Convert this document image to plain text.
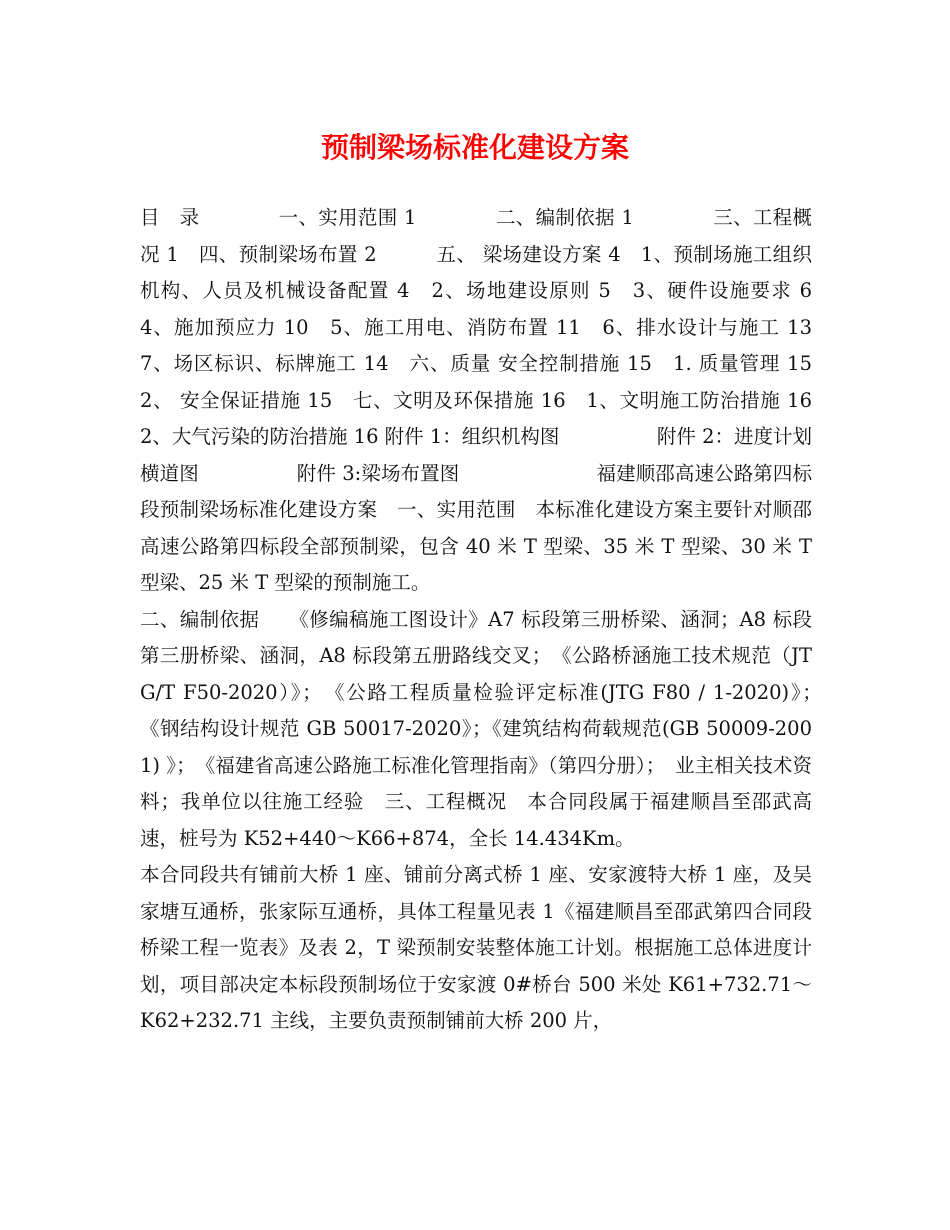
预制梁场标准化建设方案

目　录　　　　一、实用范围 1　　　　二、编制依据 1　　　　三、工程概况 1　四、预制梁场布置 2　　　五、 梁场建设方案 4　1、预制场施工组织机构、人员及机械设备配置 4　2、场地建设原则 5　3、硬件设施要求 6　4、施加预应力 10　5、施工用电、消防布置 11　6、排水设计与施工 13　7、场区标识、标牌施工 14　六、质量 安全控制措施 15　1. 质量管理 15　2、 安全保证措施 15　七、文明及环保措施 16　1、文明施工防治措施 16　2、大气污染的防治措施 16 附件 1：组织机构图　　　　　附件 2：进度计划横道图　　　　　附件 3:梁场布置图　　　　　　　福建顺邵高速公路第四标段预制梁场标准化建设方案　一、实用范围　本标准化建设方案主要针对顺邵高速公路第四标段全部预制梁，包含 40 米 T 型梁、35 米 T 型梁、30 米 T 型梁、25 米 T 型梁的预制施工。

二、编制依据　　《修编稿施工图设计》A7 标段第三册桥梁、涵洞；A8 标段第三册桥梁、涵洞，A8 标段第五册路线交叉；　《公路桥涵施工技术规范（JTG/T F50-2020）》；　《公路工程质量检验评定标准(JTG F80 / 1-2020)》；　《钢结构设计规范 GB 50017-2020》；《建筑结构荷载规范(GB 50009-2001) 》；　《福建省高速公路施工标准化管理指南》（第四分册）；　业主相关技术资料；我单位以往施工经验　三、工程概况　本合同段属于福建顺昌至邵武高速，桩号为 K52+440～K66+874，全长 14.434Km。

本合同段共有铺前大桥 1 座、铺前分离式桥 1 座、安家渡特大桥 1 座，及吴家塘互通桥，张家际互通桥，具体工程量见表 1《福建顺昌至邵武第四合同段桥梁工程一览表》及表 2，T 梁预制安装整体施工计划。根据施工总体进度计划，项目部决定本标段预制场位于安家渡 0#桥台 500 米处 K61+732.71～K62+232.71 主线，主要负责预制铺前大桥 200 片，
